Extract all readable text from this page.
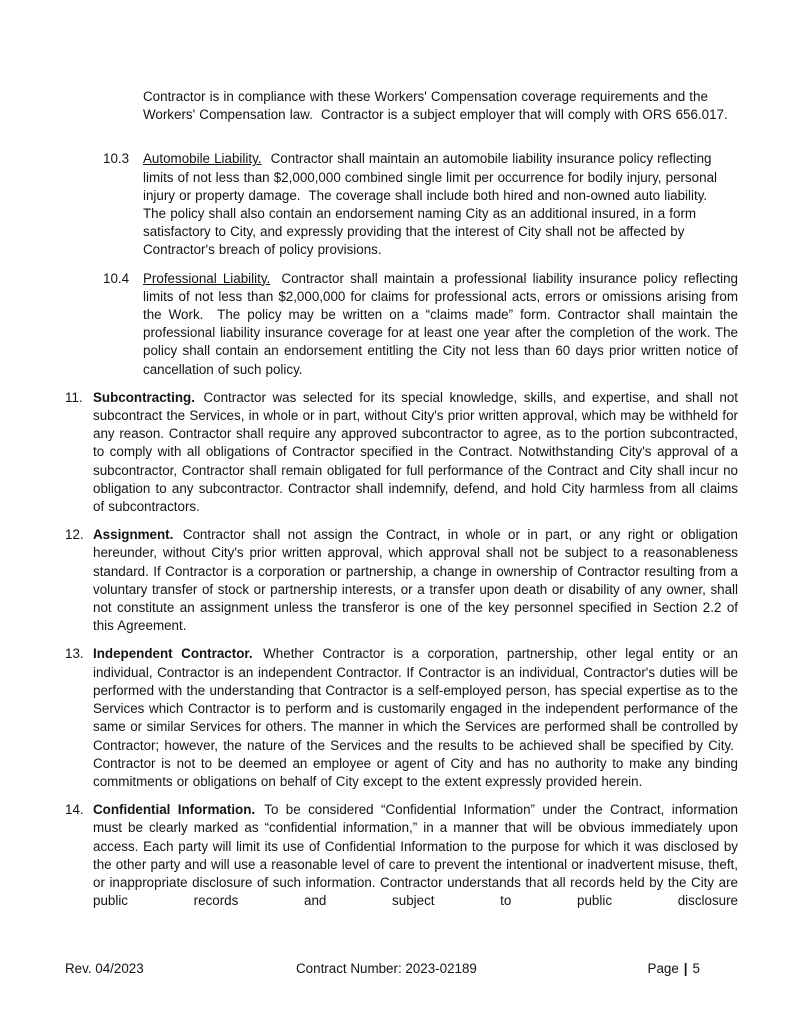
Contractor is in compliance with these Workers' Compensation coverage requirements and the Workers' Compensation law.  Contractor is a subject employer that will comply with ORS 656.017.

10.3 Automobile Liability. Contractor shall maintain an automobile liability insurance policy reflecting limits of not less than $2,000,000 combined single limit per occurrence for bodily injury, personal injury or property damage.  The coverage shall include both hired and non-owned auto liability.  The policy shall also contain an endorsement naming City as an additional insured, in a form satisfactory to City, and expressly providing that the interest of City shall not be affected by Contractor's breach of policy provisions.

10.4 Professional Liability. Contractor shall maintain a professional liability insurance policy reflecting limits of not less than $2,000,000 for claims for professional acts, errors or omissions arising from the Work.  The policy may be written on a “claims made” form. Contractor shall maintain the professional liability insurance coverage for at least one year after the completion of the work. The policy shall contain an endorsement entitling the City not less than 60 days prior written notice of cancellation of such policy.

11. Subcontracting. Contractor was selected for its special knowledge, skills, and expertise, and shall not subcontract the Services, in whole or in part, without City's prior written approval, which may be withheld for any reason. Contractor shall require any approved subcontractor to agree, as to the portion subcontracted, to comply with all obligations of Contractor specified in the Contract. Notwithstanding City's approval of a subcontractor, Contractor shall remain obligated for full performance of the Contract and City shall incur no obligation to any subcontractor. Contractor shall indemnify, defend, and hold City harmless from all claims of subcontractors.

12. Assignment. Contractor shall not assign the Contract, in whole or in part, or any right or obligation hereunder, without City's prior written approval, which approval shall not be subject to a reasonableness standard. If Contractor is a corporation or partnership, a change in ownership of Contractor resulting from a voluntary transfer of stock or partnership interests, or a transfer upon death or disability of any owner, shall not constitute an assignment unless the transferor is one of the key personnel specified in Section 2.2 of this Agreement.

13. Independent Contractor. Whether Contractor is a corporation, partnership, other legal entity or an individual, Contractor is an independent Contractor. If Contractor is an individual, Contractor's duties will be performed with the understanding that Contractor is a self-employed person, has special expertise as to the Services which Contractor is to perform and is customarily engaged in the independent performance of the same or similar Services for others. The manner in which the Services are performed shall be controlled by Contractor; however, the nature of the Services and the results to be achieved shall be specified by City.  Contractor is not to be deemed an employee or agent of City and has no authority to make any binding commitments or obligations on behalf of City except to the extent expressly provided herein.

14. Confidential Information. To be considered “Confidential Information” under the Contract, information must be clearly marked as “confidential information,” in a manner that will be obvious immediately upon access. Each party will limit its use of Confidential Information to the purpose for which it was disclosed by the other party and will use a reasonable level of care to prevent the intentional or inadvertent misuse, theft, or inappropriate disclosure of such information. Contractor understands that all records held by the City are public records and subject to public disclosure

Rev. 04/2023	Contract Number: 2023-02189	Page | 5
